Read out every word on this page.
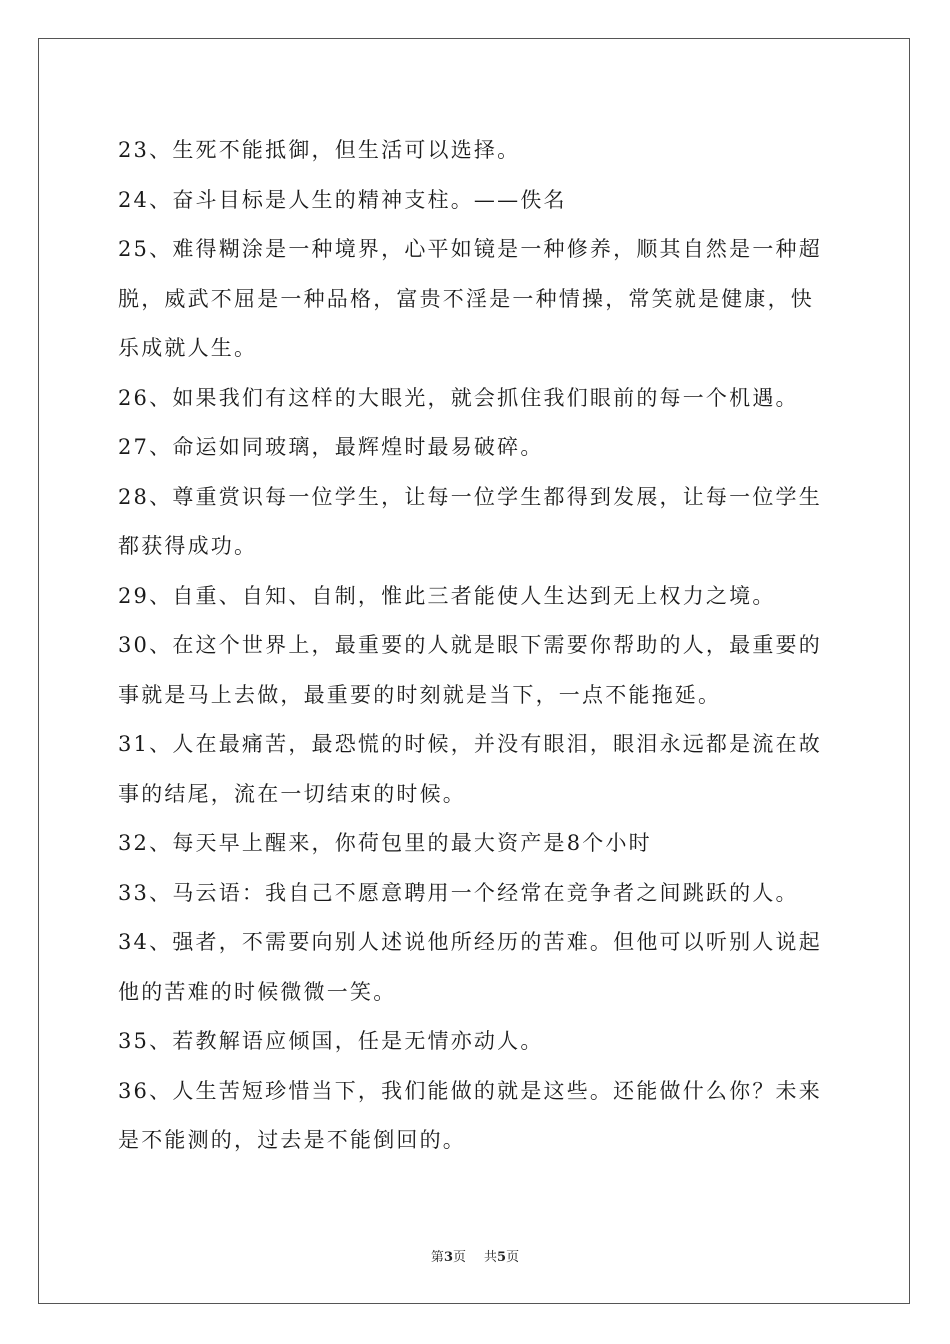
23、生死不能抵御，但生活可以选择。
24、奋斗目标是人生的精神支柱。——佚名
25、难得糊涂是一种境界，心平如镜是一种修养，顺其自然是一种超
脱，威武不屈是一种品格，富贵不淫是一种情操，常笑就是健康，快
乐成就人生。
26、如果我们有这样的大眼光，就会抓住我们眼前的每一个机遇。
27、命运如同玻璃，最辉煌时最易破碎。
28、尊重赏识每一位学生，让每一位学生都得到发展，让每一位学生
都获得成功。
29、自重、自知、自制，惟此三者能使人生达到无上权力之境。
30、在这个世界上，最重要的人就是眼下需要你帮助的人，最重要的
事就是马上去做，最重要的时刻就是当下，一点不能拖延。
31、人在最痛苦，最恐慌的时候，并没有眼泪，眼泪永远都是流在故
事的结尾，流在一切结束的时候。
32、每天早上醒来，你荷包里的最大资产是8个小时
33、马云语：我自己不愿意聘用一个经常在竞争者之间跳跃的人。
34、强者，不需要向别人述说他所经历的苦难。但他可以听别人说起
他的苦难的时候微微一笑。
35、若教解语应倾国，任是无情亦动人。
36、人生苦短珍惜当下，我们能做的就是这些。还能做什么你？未来
是不能测的，过去是不能倒回的。
第3页 共5页
